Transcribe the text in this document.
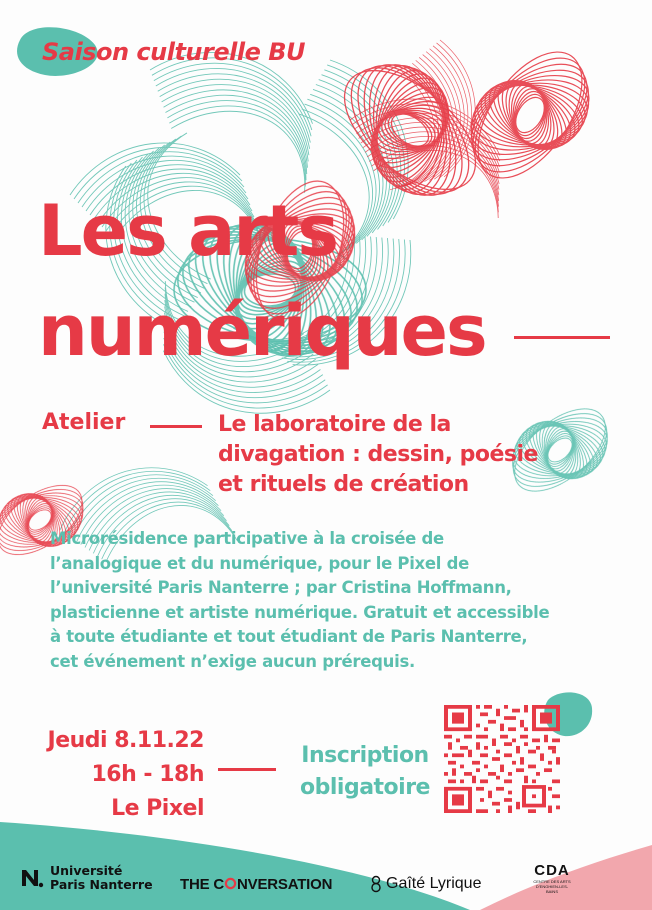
Saison culturelle BU
Les arts
numériques
Atelier	Le laboratoire de la
divagation : dessin, poésie
et rituels de création
Microrésidence participative à la croisée de
l’analogique et du numérique, pour le Pixel de
l’université Paris Nanterre ; par Cristina Hoffmann,
plasticienne et artiste numérique. Gratuit et accessible
à toute étudiante et tout étudiant de Paris Nanterre,
cet événement n’exige aucun prérequis.
Jeudi 8.11.22
16h - 18h
Le Pixel
Inscription
obligatoire
Université
Paris Nanterre THE C NVERSATION	Gaîté Lyrique
CDA
CENTRE DES ARTS D’ENGHIEN-LES-BAINS
